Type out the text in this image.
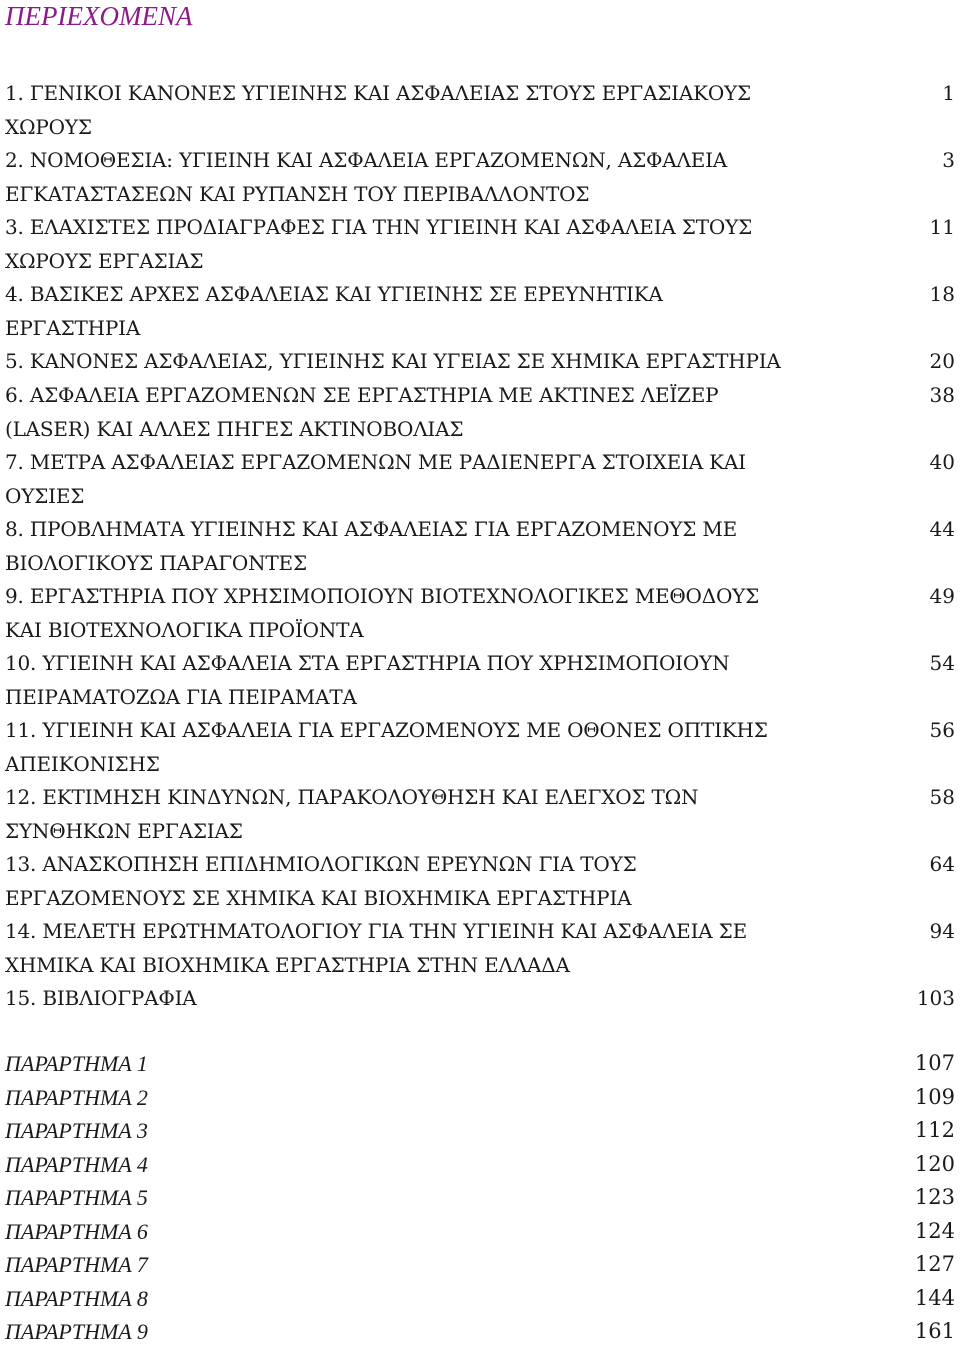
ΠΕΡΙΕΧΟΜΕΝΑ
1. ΓΕΝΙΚΟΙ ΚΑΝΟΝΕΣ ΥΓΙΕΙΝΗΣ ΚΑΙ ΑΣΦΑΛΕΙΑΣ ΣΤΟΥΣ ΕΡΓΑΣΙΑΚΟΥΣ
ΧΩΡΟΥΣ
1
2. ΝΟΜΟΘΕΣΙΑ: ΥΓΙΕΙΝΗ ΚΑΙ ΑΣΦΑΛΕΙΑ ΕΡΓΑΖΟΜΕΝΩΝ, ΑΣΦΑΛΕΙΑ
ΕΓΚΑΤΑΣΤΑΣΕΩΝ ΚΑΙ ΡΥΠΑΝΣΗ ΤΟΥ ΠΕΡΙΒΑΛΛΟΝΤΟΣ
3
3. ΕΛΑΧΙΣΤΕΣ ΠΡΟΔΙΑΓΡΑΦΕΣ ΓΙΑ ΤΗΝ ΥΓΙΕΙΝΗ ΚΑΙ ΑΣΦΑΛΕΙΑ ΣΤΟΥΣ
ΧΩΡΟΥΣ ΕΡΓΑΣΙΑΣ
11
4. ΒΑΣΙΚΕΣ ΑΡΧΕΣ ΑΣΦΑΛΕΙΑΣ ΚΑΙ ΥΓΙΕΙΝΗΣ ΣΕ ΕΡΕΥΝΗΤΙΚΑ
ΕΡΓΑΣΤΗΡΙΑ
18
5. ΚΑΝΟΝΕΣ ΑΣΦΑΛΕΙΑΣ, ΥΓΙΕΙΝΗΣ ΚΑΙ ΥΓΕΙΑΣ ΣΕ ΧΗΜΙΚΑ ΕΡΓΑΣΤΗΡΙΑ	20
6. ΑΣΦΑΛΕΙΑ ΕΡΓΑΖΟΜΕΝΩΝ ΣΕ ΕΡΓΑΣΤΗΡΙΑ ΜΕ ΑΚΤΙΝΕΣ ΛΕΪΖΕΡ
(LASER) ΚΑΙ ΑΛΛΕΣ ΠΗΓΕΣ ΑΚΤΙΝΟΒΟΛΙΑΣ
38
7. ΜΕΤΡΑ ΑΣΦΑΛΕΙΑΣ ΕΡΓΑΖΟΜΕΝΩΝ ΜΕ ΡΑΔΙΕΝΕΡΓΑ ΣΤΟΙΧΕΙΑ ΚΑΙ
ΟΥΣΙΕΣ
40
8. ΠΡΟΒΛΗΜΑΤΑ ΥΓΙΕΙΝΗΣ ΚΑΙ ΑΣΦΑΛΕΙΑΣ ΓΙΑ ΕΡΓΑΖΟΜΕΝΟΥΣ ΜΕ
ΒΙΟΛΟΓΙΚΟΥΣ ΠΑΡΑΓΟΝΤΕΣ
44
9. ΕΡΓΑΣΤΗΡΙΑ ΠΟΥ ΧΡΗΣΙΜΟΠΟΙΟΥΝ ΒΙΟΤΕΧΝΟΛΟΓΙΚΕΣ ΜΕΘΟΔΟΥΣ
ΚΑΙ ΒΙΟΤΕΧΝΟΛΟΓΙΚΑ ΠΡΟΪΟΝΤΑ
49
10. ΥΓΙΕΙΝΗ ΚΑΙ ΑΣΦΑΛΕΙΑ ΣΤΑ ΕΡΓΑΣΤΗΡΙΑ ΠΟΥ ΧΡΗΣΙΜΟΠΟΙΟΥΝ
ΠΕΙΡΑΜΑΤΟΖΩΑ ΓΙΑ ΠΕΙΡΑΜΑΤΑ
54
11. ΥΓΙΕΙΝΗ ΚΑΙ ΑΣΦΑΛΕΙΑ ΓΙΑ ΕΡΓΑΖΟΜΕΝΟΥΣ ΜΕ ΟΘΟΝΕΣ ΟΠΤΙΚΗΣ
ΑΠΕΙΚΟΝΙΣΗΣ
56
12. ΕΚΤΙΜΗΣΗ ΚΙΝΔΥΝΩΝ, ΠΑΡΑΚΟΛΟΥΘΗΣΗ ΚΑΙ ΕΛΕΓΧΟΣ ΤΩΝ
ΣΥΝΘΗΚΩΝ ΕΡΓΑΣΙΑΣ
58
13. ΑΝΑΣΚΟΠΗΣΗ ΕΠΙΔΗΜΙΟΛΟΓΙΚΩΝ ΕΡΕΥΝΩΝ ΓΙΑ ΤΟΥΣ
ΕΡΓΑΖΟΜΕΝΟΥΣ ΣΕ ΧΗΜΙΚΑ ΚΑΙ ΒΙΟΧΗΜΙΚΑ ΕΡΓΑΣΤΗΡΙΑ
64
14. ΜΕΛΕΤΗ ΕΡΩΤΗΜΑΤΟΛΟΓΙΟΥ ΓΙΑ ΤΗΝ ΥΓΙΕΙΝΗ ΚΑΙ ΑΣΦΑΛΕΙΑ ΣΕ
ΧΗΜΙΚΑ ΚΑΙ ΒΙΟΧΗΜΙΚΑ ΕΡΓΑΣΤΗΡΙΑ ΣΤΗΝ ΕΛΛΑΔΑ
94
15. ΒΙΒΛΙΟΓΡΑΦΙΑ	103
ΠΑΡΑΡΤΗΜΑ 1	107
ΠΑΡΑΡΤΗΜΑ 2	109
ΠΑΡΑΡΤΗΜΑ 3	112
ΠΑΡΑΡΤΗΜΑ 4	120
ΠΑΡΑΡΤΗΜΑ 5	123
ΠΑΡΑΡΤΗΜΑ 6	124
ΠΑΡΑΡΤΗΜΑ 7	127
ΠΑΡΑΡΤΗΜΑ 8	144
ΠΑΡΑΡΤΗΜΑ 9	161
